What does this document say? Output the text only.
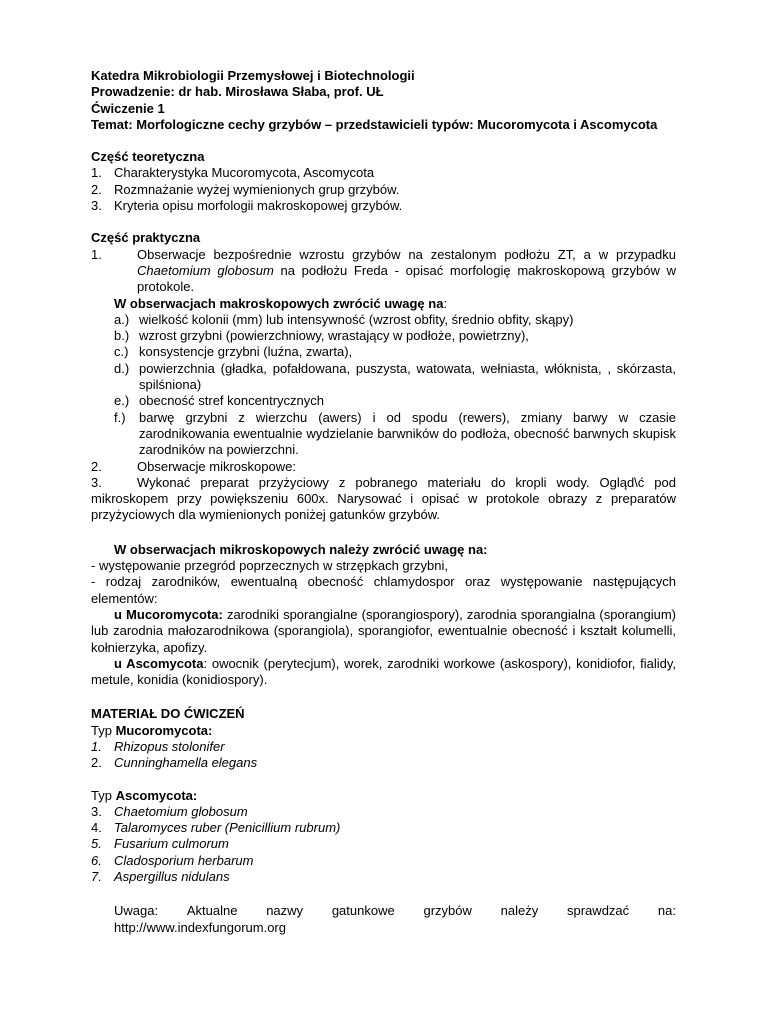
Katedra Mikrobiologii Przemysłowej i Biotechnologii
Prowadzenie: dr hab. Mirosława Słaba, prof. UŁ
Ćwiczenie 1
Temat: Morfologiczne cechy grzybów – przedstawicieli typów: Mucoromycota i Ascomycota
Część teoretyczna
1. Charakterystyka Mucoromycota, Ascomycota
2. Rozmnażanie wyżej wymienionych grup grzybów.
3. Kryteria opisu morfologii makroskopowej grzybów.
Część praktyczna
1.	Obserwacje bezpośrednie wzrostu grzybów na zestalonym podłożu ZT, a w przypadku Chaetomium globosum na podłożu Freda - opisać morfologię makroskopową grzybów w protokole.
W obserwacjach makroskopowych zwrócić uwagę na:
a.) wielkość kolonii (mm) lub intensywność (wzrost obfity, średnio obfity, skąpy)
b.) wzrost grzybni (powierzchniowy, wrastający w podłoże, powietrzny),
c.) konsystencje grzybni (luźna, zwarta),
d.) powierzchnia (gładka, pofałdowana, puszysta, watowata, wełniasta, włóknista, , skórzasta, spilśniona)
e.) obecność stref koncentrycznych
f.)	barwę grzybni z wierzchu (awers) i od spodu (rewers), zmiany barwy w czasie zarodnikowania ewentualnie wydzielanie barwników do podłoża, obecność barwnych skupisk zarodników na powierzchni.
2.	Obserwacje mikroskopowe:
3.	Wykonać preparat przyżyciowy z pobranego materiału do kropli wody. Ogląd\ć pod mikroskopem przy powiększeniu 600x. Narysować i opisać w protokole obrazy z preparatów przyżyciowych dla wymienionych poniżej gatunków grzybów.
W obserwacjach mikroskopowych należy zwrócić uwagę na:
- występowanie przegród poprzecznych w strzępkach grzybni,
- rodzaj zarodników, ewentualną obecność chlamydospor oraz występowanie następujących elementów:
u Mucoromycota: zarodniki sporangialne (sporangiospory), zarodnia sporangialna (sporangium) lub zarodnia małozarodnikowa (sporangiola), sporangiofor, ewentualnie obecność i kształt kolumelli, kołnierzyka, apofizy.
u Ascomycota: owocnik (perytecjum), worek, zarodniki workowe (askospory), konidiofor, fialidy, metule, konidia (konidiospory).
MATERIAŁ DO ĆWICZEŃ
Typ Mucoromycota:
1. Rhizopus stolonifer
2. Cunninghamella elegans
Typ Ascomycota:
3. Chaetomium globosum
4. Talaromyces ruber (Penicillium rubrum)
5. Fusarium culmorum
6. Cladosporium herbarum
7. Aspergillus nidulans
Uwaga: Aktualne nazwy gatunkowe grzybów należy sprawdzać na:
http://www.indexfungorum.org
